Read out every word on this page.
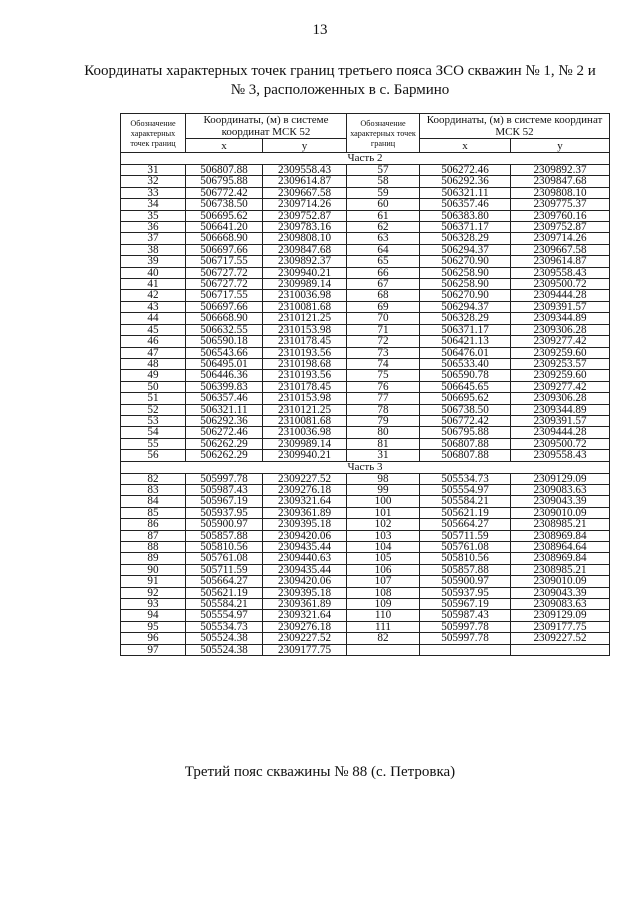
13
Координаты характерных точек границ третьего пояса ЗСО скважин № 1, № 2 и
№ 3, расположенных в с. Бармино
Обозначение характерных точек границ	Координаты, (м) в системе координат МСК 52		Обозначение характерных точек границ	Координаты, (м) в системе координат МСК 52	
	х	у		х	у
Часть 2					
31	506807.88	2309558.43	57	506272.46	2309892.37
32	506795.88	2309614.87	58	506292.36	2309847.68
33	506772.42	2309667.58	59	506321.11	2309808.10
34	506738.50	2309714.26	60	506357.46	2309775.37
35	506695.62	2309752.87	61	506383.80	2309760.16
36	506641.20	2309783.16	62	506371.17	2309752.87
37	506668.90	2309808.10	63	506328.29	2309714.26
38	506697.66	2309847.68	64	506294.37	2309667.58
39	506717.55	2309892.37	65	506270.90	2309614.87
40	506727.72	2309940.21	66	506258.90	2309558.43
41	506727.72	2309989.14	67	506258.90	2309500.72
42	506717.55	2310036.98	68	506270.90	2309444.28
43	506697.66	2310081.68	69	506294.37	2309391.57
44	506668.90	2310121.25	70	506328.29	2309344.89
45	506632.55	2310153.98	71	506371.17	2309306.28
46	506590.18	2310178.45	72	506421.13	2309277.42
47	506543.66	2310193.56	73	506476.01	2309259.60
48	506495.01	2310198.68	74	506533.40	2309253.57
49	506446.36	2310193.56	75	506590.78	2309259.60
50	506399.83	2310178.45	76	506645.65	2309277.42
51	506357.46	2310153.98	77	506695.62	2309306.28
52	506321.11	2310121.25	78	506738.50	2309344.89
53	506292.36	2310081.68	79	506772.42	2309391.57
54	506272.46	2310036.98	80	506795.88	2309444.28
55	506262.29	2309989.14	81	506807.88	2309500.72
56	506262.29	2309940.21	31	506807.88	2309558.43
Часть 3					
82	505997.78	2309227.52	98	505534.73	2309129.09
83	505987.43	2309276.18	99	505554.97	2309083.63
84	505967.19	2309321.64	100	505584.21	2309043.39
85	505937.95	2309361.89	101	505621.19	2309010.09
86	505900.97	2309395.18	102	505664.27	2308985.21
87	505857.88	2309420.06	103	505711.59	2308969.84
88	505810.56	2309435.44	104	505761.08	2308964.64
89	505761.08	2309440.63	105	505810.56	2308969.84
90	505711.59	2309435.44	106	505857.88	2308985.21
91	505664.27	2309420.06	107	505900.97	2309010.09
92	505621.19	2309395.18	108	505937.95	2309043.39
93	505584.21	2309361.89	109	505967.19	2309083.63
94	505554.97	2309321.64	110	505987.43	2309129.09
95	505534.73	2309276.18	111	505997.78	2309177.75
96	505524.38	2309227.52	82	505997.78	2309227.52
97	505524.38	2309177.75			
Третий пояс скважины № 88 (с. Петровка)
